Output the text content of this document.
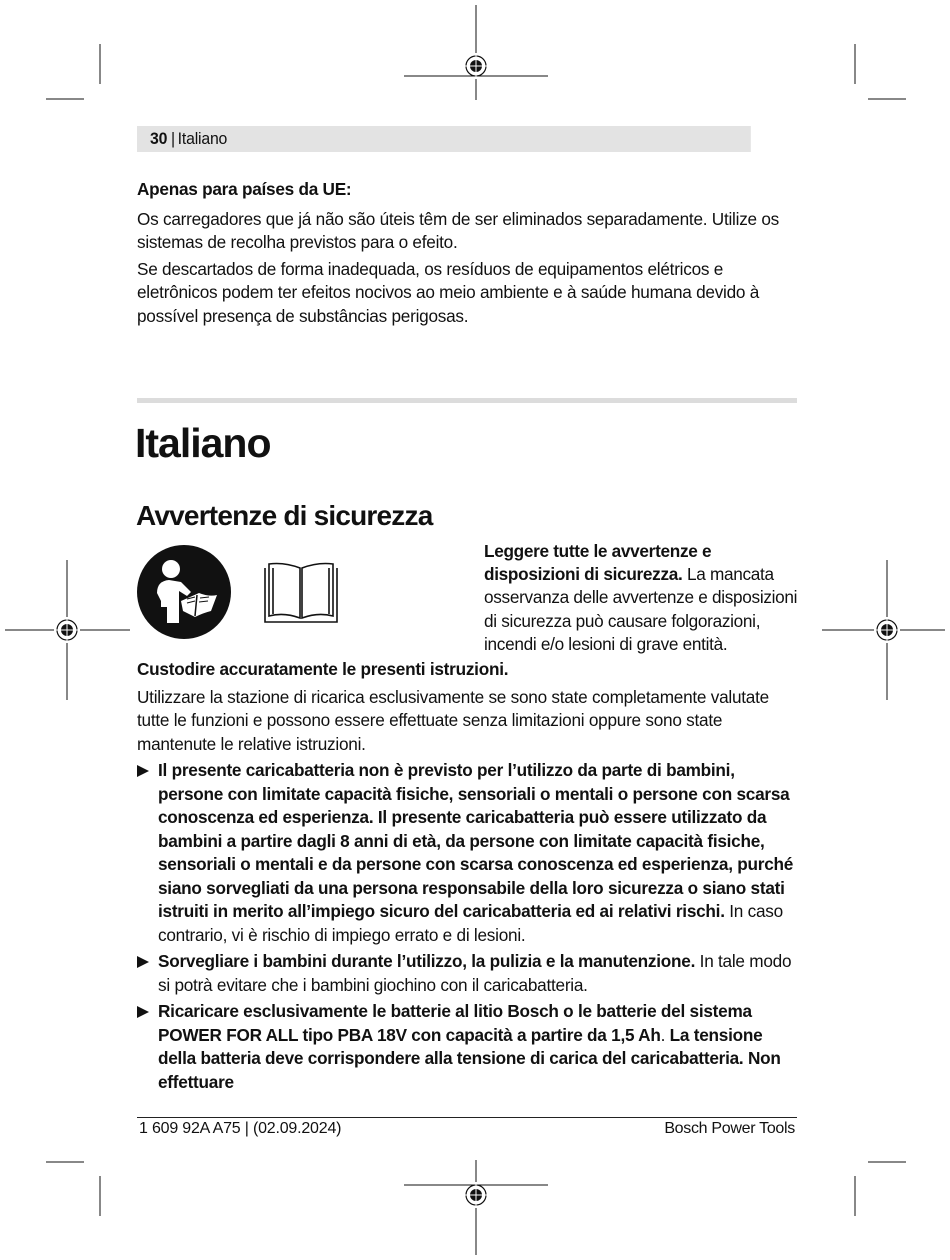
30 | Italiano

Apenas para países da UE:

Os carregadores que já não são úteis têm de ser eliminados separadamente. Utilize os sistemas de recolha previstos para o efeito.

Se descartados de forma inadequada, os resíduos de equipamentos elétricos e eletrônicos podem ter efeitos nocivos ao meio ambiente e à saúde humana devido à possível presença de substâncias perigosas.

Italiano
Avvertenze di sicurezza
Leggere tutte le avvertenze e disposizioni di sicurezza. La mancata osservanza delle avvertenze e disposizioni di sicurezza può causare folgorazioni, incendi e/o lesioni di grave entità.

Custodire accuratamente le presenti istruzioni.

Utilizzare la stazione di ricarica esclusivamente se sono state completamente valutate tutte le funzioni e possono essere effettuate senza limitazioni oppure sono state mantenute le relative istruzioni.

Il presente caricabatteria non è previsto per l’utilizzo da parte di bambini, persone con limitate capacità fisiche, sensoriali o mentali o persone con scarsa conoscenza ed esperienza. Il presente caricabatteria può essere utilizzato da bambini a partire dagli 8 anni di età, da persone con limitate capacità fisiche, sensoriali o mentali e da persone con scarsa conoscenza ed esperienza, purché siano sorvegliati da una persona responsabile della loro sicurezza o siano stati istruiti in merito all’impiego sicuro del caricabatteria ed ai relativi rischi. In caso contrario, vi è rischio di impiego errato e di lesioni.
Sorvegliare i bambini durante l’utilizzo, la pulizia e la manutenzione. In tale modo si potrà evitare che i bambini giochino con il caricabatteria.
Ricaricare esclusivamente le batterie al litio Bosch o le batterie del sistema POWER FOR ALL tipo PBA 18V con capacità a partire da 1,5 Ah. La tensione della batteria deve corrispondere alla tensione di carica del caricabatteria. Non effettuare
1 609 92A A75 | (02.09.2024)	Bosch Power Tools
